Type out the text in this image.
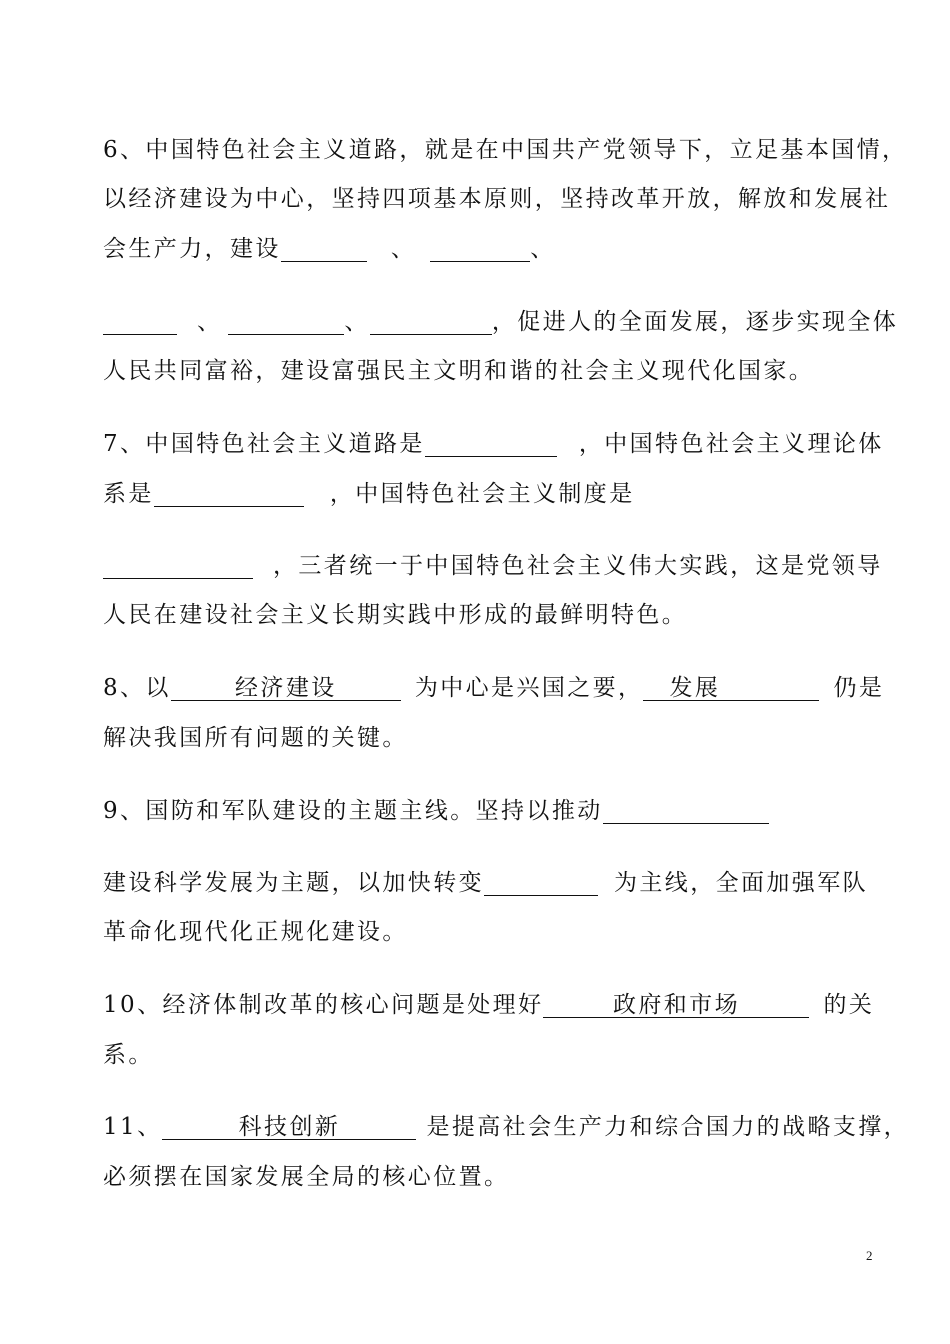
6、中国特色社会主义道路，就是在中国共产党领导下，立足基本国情，
以经济建设为中心，坚持四项基本原则，坚持改革开放，解放和发展社
会生产力，建设	、	、
、	、	，促进人的全面发展，逐步实现全体
人民共同富裕，建设富强民主文明和谐的社会主义现代化国家。
7、中国特色社会主义道路是	，中国特色社会主义理论体
系是	，中国特色社会主义制度是
，三者统一于中国特色社会主义伟大实践，这是党领导
人民在建设社会主义长期实践中形成的最鲜明特色。
8、以	经济建设	为中心是兴国之要， 发展	仍是
解决我国所有问题的关键。
9、国防和军队建设的主题主线。坚持以推动
建设科学发展为主题，以加快转变	为主线，全面加强军队
革命化现代化正规化建设。
10、经济体制改革的核心问题是处理好	政府和市场	的关
系。
11、	科技创新	是提高社会生产力和综合国力的战略支撑，
必须摆在国家发展全局的核心位置。
2
